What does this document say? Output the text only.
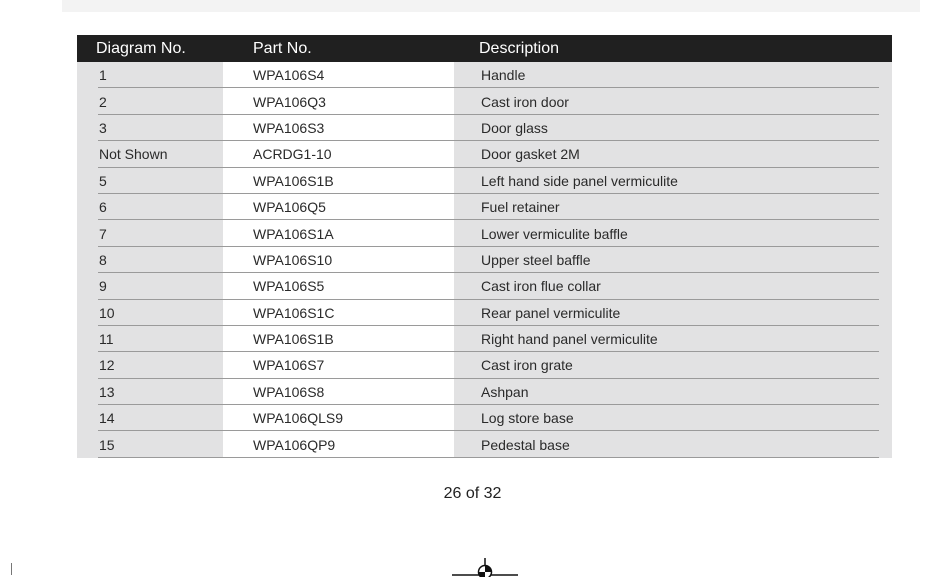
Diagram No.	Part No.	Description
1	WPA106S4	Handle
2	WPA106Q3	Cast iron door
3	WPA106S3	Door glass
Not Shown	ACRDG1-10	Door gasket 2M
5	WPA106S1B	Left hand side panel vermiculite
6	WPA106Q5	Fuel retainer
7	WPA106S1A	Lower vermiculite baffle
8	WPA106S10	Upper steel baffle
9	WPA106S5	Cast iron flue collar
10	WPA106S1C	Rear panel vermiculite
11	WPA106S1B	Right hand panel vermiculite
12	WPA106S7	Cast iron grate
13	WPA106S8	Ashpan
14	WPA106QLS9	Log store base
15	WPA106QP9	Pedestal base
26 of 32
